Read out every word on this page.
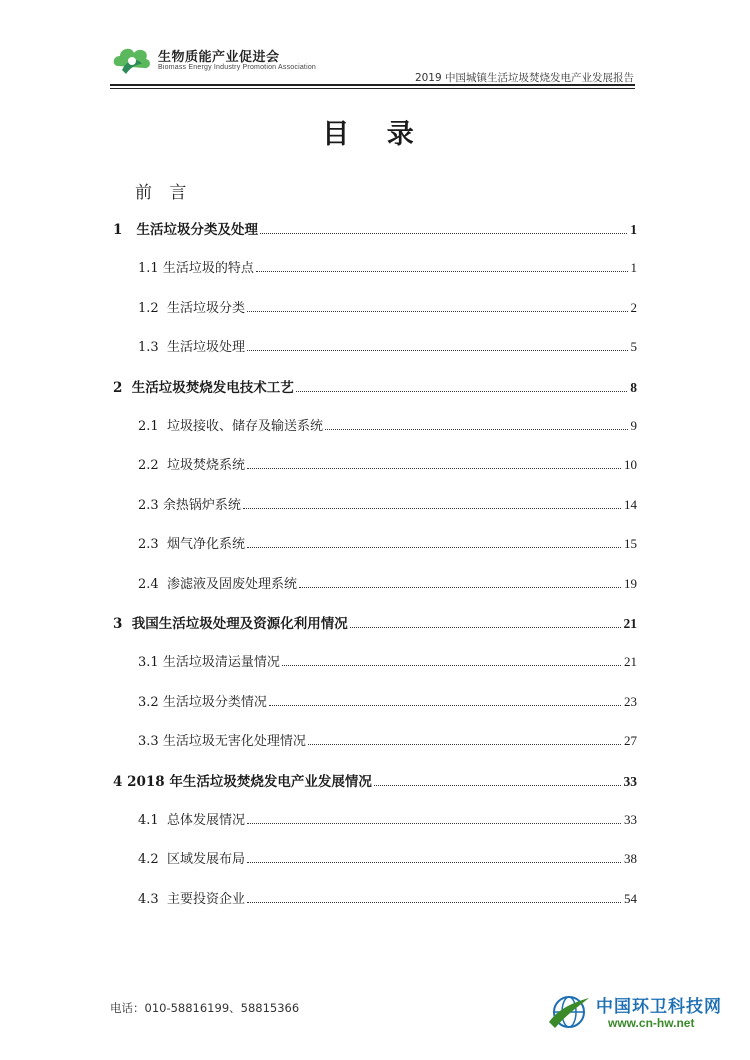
生物质能产业促进会
Biomass Energy Industry Promotion Association
2019 中国城镇生活垃圾焚烧发电产业发展报告
目 录
前 言
1 生活垃圾分类及处理	1
1.1 生活垃圾的特点	1
1.2 生活垃圾分类	2
1.3 生活垃圾处理	5
2 生活垃圾焚烧发电技术工艺	8
2.1 垃圾接收、储存及输送系统	9
2.2 垃圾焚烧系统	10
2.3 余热锅炉系统	14
2.3 烟气净化系统	15
2.4 渗滤液及固废处理系统	19
3 我国生活垃圾处理及资源化利用情况	21
3.1 生活垃圾清运量情况	21
3.2 生活垃圾分类情况	23
3.3 生活垃圾无害化处理情况	27
4 2018 年生活垃圾焚烧发电产业发展情况	33
4.1 总体发展情况	33
4.2 区域发展布局	38
4.3 主要投资企业	54
电话：010-58816199、58815366	中国环卫科技网
www.cn-hw.net
